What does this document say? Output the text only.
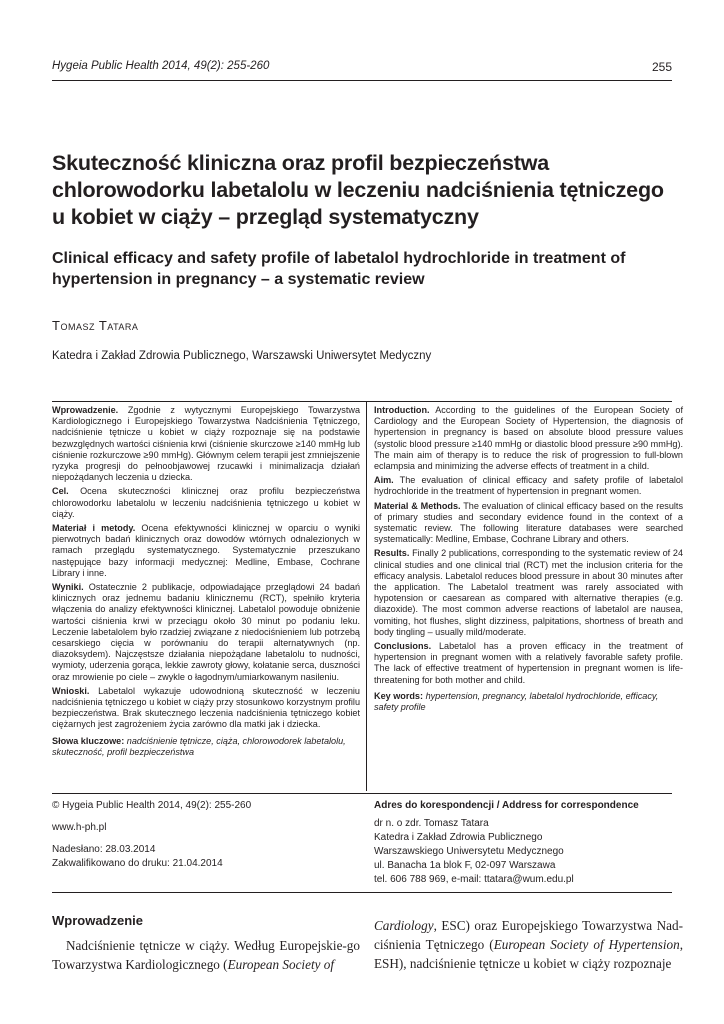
Hygeia Public Health 2014, 49(2): 255-260	255
Skuteczność kliniczna oraz profil bezpieczeństwa chlorowodorku labetalolu w leczeniu nadciśnienia tętniczego u kobiet w ciąży – przegląd systematyczny
Clinical efficacy and safety profile of labetalol hydrochloride in treatment of hypertension in pregnancy – a systematic review
Tomasz Tatara
Katedra i Zakład Zdrowia Publicznego, Warszawski Uniwersytet Medyczny

Wprowadzenie. Zgodnie z wytycznymi Europejskiego Towarzystwa Kardiologicznego i Europejskiego Towarzystwa Nadciśnienia Tętniczego, nadciśnienie tętnicze u kobiet w ciąży rozpoznaje się na podstawie bezwzględnych wartości ciśnienia krwi (ciśnienie skurczowe ≥140 mmHg lub ciśnienie rozkurczowe ≥90 mmHg). Głównym celem terapii jest zmniejszenie ryzyka progresji do pełnoobjawowej rzucawki i minimalizacja działań niepożądanych leczenia u dziecka.

Cel. Ocena skuteczności klinicznej oraz profilu bezpieczeństwa chlorowodorku labetalolu w leczeniu nadciśnienia tętniczego u kobiet w ciąży.

Materiał i metody. Ocena efektywności klinicznej w oparciu o wyniki pierwotnych badań klinicznych oraz dowodów wtórnych odnalezionych w ramach przeglądu systematycznego. Systematycznie przeszukano następujące bazy informacji medycznej: Medline, Embase, Cochrane Library i inne.

Wyniki. Ostatecznie 2 publikacje, odpowiadające przeglądowi 24 badań klinicznych oraz jednemu badaniu klinicznemu (RCT), spełniło kryteria włączenia do analizy efektywności klinicznej. Labetalol powoduje obniżenie wartości ciśnienia krwi w przeciągu około 30 minut po podaniu leku. Leczenie labetalolem było rzadziej związane z niedociśnieniem lub potrzebą cesarskiego cięcia w porównaniu do terapii alternatywnych (np. diazoksydem). Najczęstsze działania niepożądane labetalolu to nudności, wymioty, uderzenia gorąca, lekkie zawroty głowy, kołatanie serca, duszności oraz mrowienie po ciele – zwykle o łagodnym/umiarkowanym nasileniu.

Wnioski. Labetalol wykazuje udowodnioną skuteczność w leczeniu nadciśnienia tętniczego u kobiet w ciąży przy stosunkowo korzystnym profilu bezpieczeństwa. Brak skutecznego leczenia nadciśnienia tętniczego kobiet ciężarnych jest zagrożeniem życia zarówno dla matki jak i dziecka.

Słowa kluczowe: nadciśnienie tętnicze, ciąża, chlorowodorek labetalolu, skuteczność, profil bezpieczeństwa

Introduction. According to the guidelines of the European Society of Cardiology and the European Society of Hypertension, the diagnosis of hypertension in pregnancy is based on absolute blood pressure values (systolic blood pressure ≥140 mmHg or diastolic blood pressure ≥90 mmHg). The main aim of therapy is to reduce the risk of progression to full-blown eclampsia and minimizing the adverse effects of treatment in a child.

Aim. The evaluation of clinical efficacy and safety profile of labetalol hydrochloride in the treatment of hypertension in pregnant women.

Material & Methods. The evaluation of clinical efficacy based on the results of primary studies and secondary evidence found in the context of a systematic review. The following literature databases were searched systematically: Medline, Embase, Cochrane Library and others.

Results. Finally 2 publications, corresponding to the systematic review of 24 clinical studies and one clinical trial (RCT) met the inclusion criteria for the efficacy analysis. Labetalol reduces blood pressure in about 30 minutes after the application. The Labetalol treatment was rarely associated with hypotension or caesarean as compared with alternative therapies (e.g. diazoxide). The most common adverse reactions of labetalol are nausea, vomiting, hot flushes, slight dizziness, palpitations, shortness of breath and body tingling – usually mild/moderate.

Conclusions. Labetalol has a proven efficacy in the treatment of hypertension in pregnant women with a relatively favorable safety profile. The lack of effective treatment of hypertension in pregnant women is life-threatening for both mother and child.

Key words: hypertension, pregnancy, labetalol hydrochloride, efficacy, safety profile

© Hygeia Public Health 2014, 49(2): 255-260
www.h-ph.pl
Nadesłano: 28.03.2014
Zakwalifikowano do druku: 21.04.2014
Adres do korespondencji / Address for correspondence
dr n. o zdr. Tomasz Tatara
Katedra i Zakład Zdrowia Publicznego
Warszawskiego Uniwersytetu Medycznego
ul. Banacha 1a blok F, 02-097 Warszawa
tel. 606 788 969, e-mail: ttatara@wum.edu.pl
Wprowadzenie

Nadciśnienie tętnicze w ciąży. Według Europejskie-go Towarzystwa Kardiologicznego (European Society of

Cardiology, ESC) oraz Europejskiego Towarzystwa Nad-ciśnienia Tętniczego (European Society of Hypertension, ESH), nadciśnienie tętnicze u kobiet w ciąży rozpoznaje
